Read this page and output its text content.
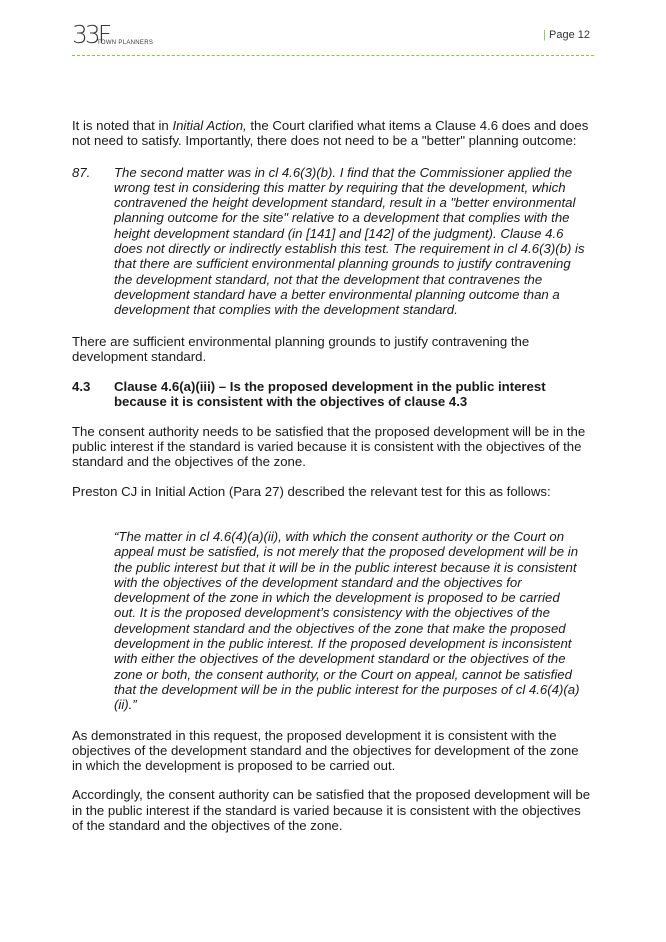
33F
TOWN PLANNERS
| Page 12

It is noted that in Initial Action, the Court clarified what items a Clause 4.6 does and does not need to satisfy. Importantly, there does not need to be a "better" planning outcome:

87. The second matter was in cl 4.6(3)(b). I find that the Commissioner applied the wrong test in considering this matter by requiring that the development, which contravened the height development standard, result in a "better environmental planning outcome for the site" relative to a development that complies with the height development standard (in [141] and [142] of the judgment). Clause 4.6 does not directly or indirectly establish this test. The requirement in cl 4.6(3)(b) is that there are sufficient environmental planning grounds to justify contravening the development standard, not that the development that contravenes the development standard have a better environmental planning outcome than a development that complies with the development standard.

There are sufficient environmental planning grounds to justify contravening the development standard.

4.3 Clause 4.6(a)(iii) – Is the proposed development in the public interest because it is consistent with the objectives of clause 4.3

The consent authority needs to be satisfied that the proposed development will be in the public interest if the standard is varied because it is consistent with the objectives of the standard and the objectives of the zone.

Preston CJ in Initial Action (Para 27) described the relevant test for this as follows:

“The matter in cl 4.6(4)(a)(ii), with which the consent authority or the Court on appeal must be satisfied, is not merely that the proposed development will be in the public interest but that it will be in the public interest because it is consistent with the objectives of the development standard and the objectives for development of the zone in which the development is proposed to be carried out. It is the proposed development’s consistency with the objectives of the development standard and the objectives of the zone that make the proposed development in the public interest. If the proposed development is inconsistent with either the objectives of the development standard or the objectives of the zone or both, the consent authority, or the Court on appeal, cannot be satisfied that the development will be in the public interest for the purposes of cl 4.6(4)(a)(ii).”

As demonstrated in this request, the proposed development it is consistent with the objectives of the development standard and the objectives for development of the zone in which the development is proposed to be carried out.

Accordingly, the consent authority can be satisfied that the proposed development will be in the public interest if the standard is varied because it is consistent with the objectives of the standard and the objectives of the zone.
